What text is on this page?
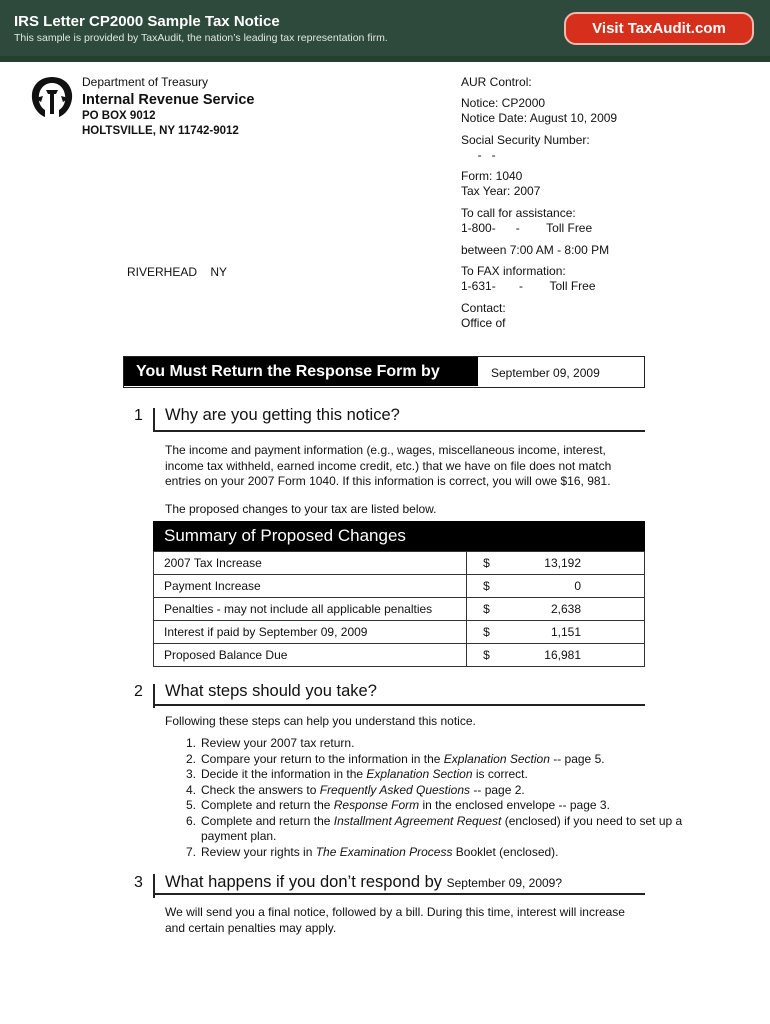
IRS Letter CP2000 Sample Tax Notice
This sample is provided by TaxAudit, the nation’s leading tax representation firm.
Visit TaxAudit.com
Department of Treasury
Internal Revenue Service
PO BOX 9012
HOLTSVILLE, NY 11742-9012
RIVERHEAD    NY
AUR Control:
Notice: CP2000
Notice Date: August 10, 2009
Social Security Number:
-   -
Form: 1040
Tax Year: 2007
To call for assistance:
1-800-      -        Toll Free
between 7:00 AM - 8:00 PM
To FAX information:
1-631-       -        Toll Free
Contact:
Office of
You Must Return the Response Form by	September 09, 2009
1 Why are you getting this notice?
The income and payment information (e.g., wages, miscellaneous income, interest, income tax withheld, earned income credit, etc.) that we have on file does not match entries on your 2007 Form 1040. If this information is correct, you will owe $16, 981.
The proposed changes to your tax are listed below.
Summary of Proposed Changes
2007 Tax Increase	$	13,192
Payment Increase	$	0
Penalties - may not include all applicable penalties	$	2,638
Interest if paid by September 09, 2009	$	1,151
Proposed Balance Due	$	16,981
2 What steps should you take?
Following these steps can help you understand this notice.
1. Review your 2007 tax return.
2. Compare your return to the information in the Explanation Section -- page 5.
3. Decide it the information in the Explanation Section is correct.
4. Check the answers to Frequently Asked Questions -- page 2.
5. Complete and return the Response Form in the enclosed envelope -- page 3.
6. Complete and return the Installment Agreement Request (enclosed) if you need to set up a payment plan.
7. Review your rights in The Examination Process Booklet (enclosed).
3 What happens if you don’t respond by September 09, 2009?
We will send you a final notice, followed by a bill. During this time, interest will increase and certain penalties may apply.
